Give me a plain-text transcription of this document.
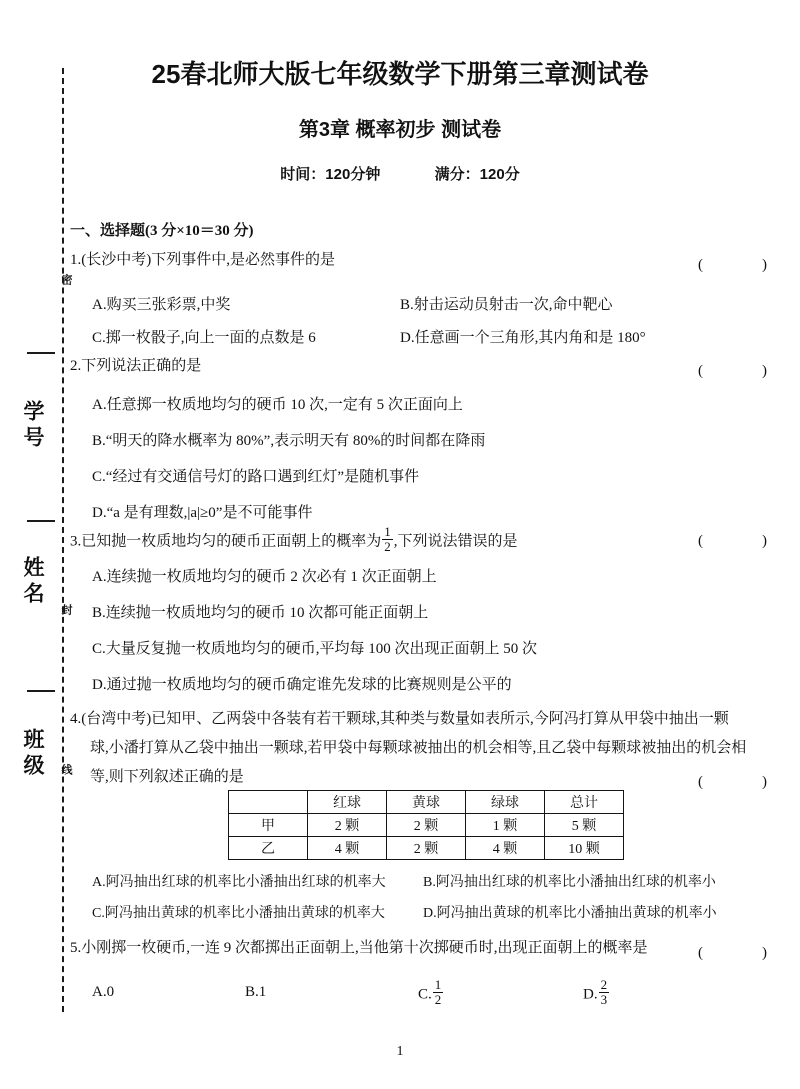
密
封
线
学号
姓名
班级
25春北师大版七年级数学下册第三章测试卷
第3章 概率初步 测试卷
时间：120分钟	满分：120分
一、选择题(3 分×10＝30 分)
1.(长沙中考)下列事件中,是必然事件的是	(　)
A.购买三张彩票,中奖	B.射击运动员射击一次,命中靶心
C.掷一枚骰子,向上一面的点数是 6	D.任意画一个三角形,其内角和是 180°
2.下列说法正确的是	(　)
A.任意掷一枚质地均匀的硬币 10 次,一定有 5 次正面向上
B.“明天的降水概率为 80%”,表示明天有 80%的时间都在降雨
C.“经过有交通信号灯的路口遇到红灯”是随机事件
D.“a 是有理数,|a|≥0”是不可能事件
3.已知抛一枚质地均匀的硬币正面朝上的概率为 $\frac{1}{2}$ ,下列说法错误的是	(　)
A.连续抛一枚质地均匀的硬币 2 次必有 1 次正面朝上
B.连续抛一枚质地均匀的硬币 10 次都可能正面朝上
C.大量反复抛一枚质地均匀的硬币,平均每 100 次出现正面朝上 50 次
D.通过抛一枚质地均匀的硬币确定谁先发球的比赛规则是公平的
4.(台湾中考)已知甲、乙两袋中各装有若干颗球,其种类与数量如表所示,今阿冯打算从甲袋中抽出一颗
球,小潘打算从乙袋中抽出一颗球,若甲袋中每颗球被抽出的机会相等,且乙袋中每颗球被抽出的机会相
等,则下列叙述正确的是	(　)
	红球	黄球	绿球	总计
甲	2 颗	2 颗	1 颗	5 颗
乙	4 颗	2 颗	4 颗	10 颗
A.阿冯抽出红球的机率比小潘抽出红球的机率大	B.阿冯抽出红球的机率比小潘抽出红球的机率小
C.阿冯抽出黄球的机率比小潘抽出黄球的机率大	D.阿冯抽出黄球的机率比小潘抽出黄球的机率小
5.小刚掷一枚硬币,一连 9 次都掷出正面朝上,当他第十次掷硬币时,出现正面朝上的概率是	(　)
A.0	B.1	C. $\frac{1}{2}$	D. $\frac{2}{3}$
1
